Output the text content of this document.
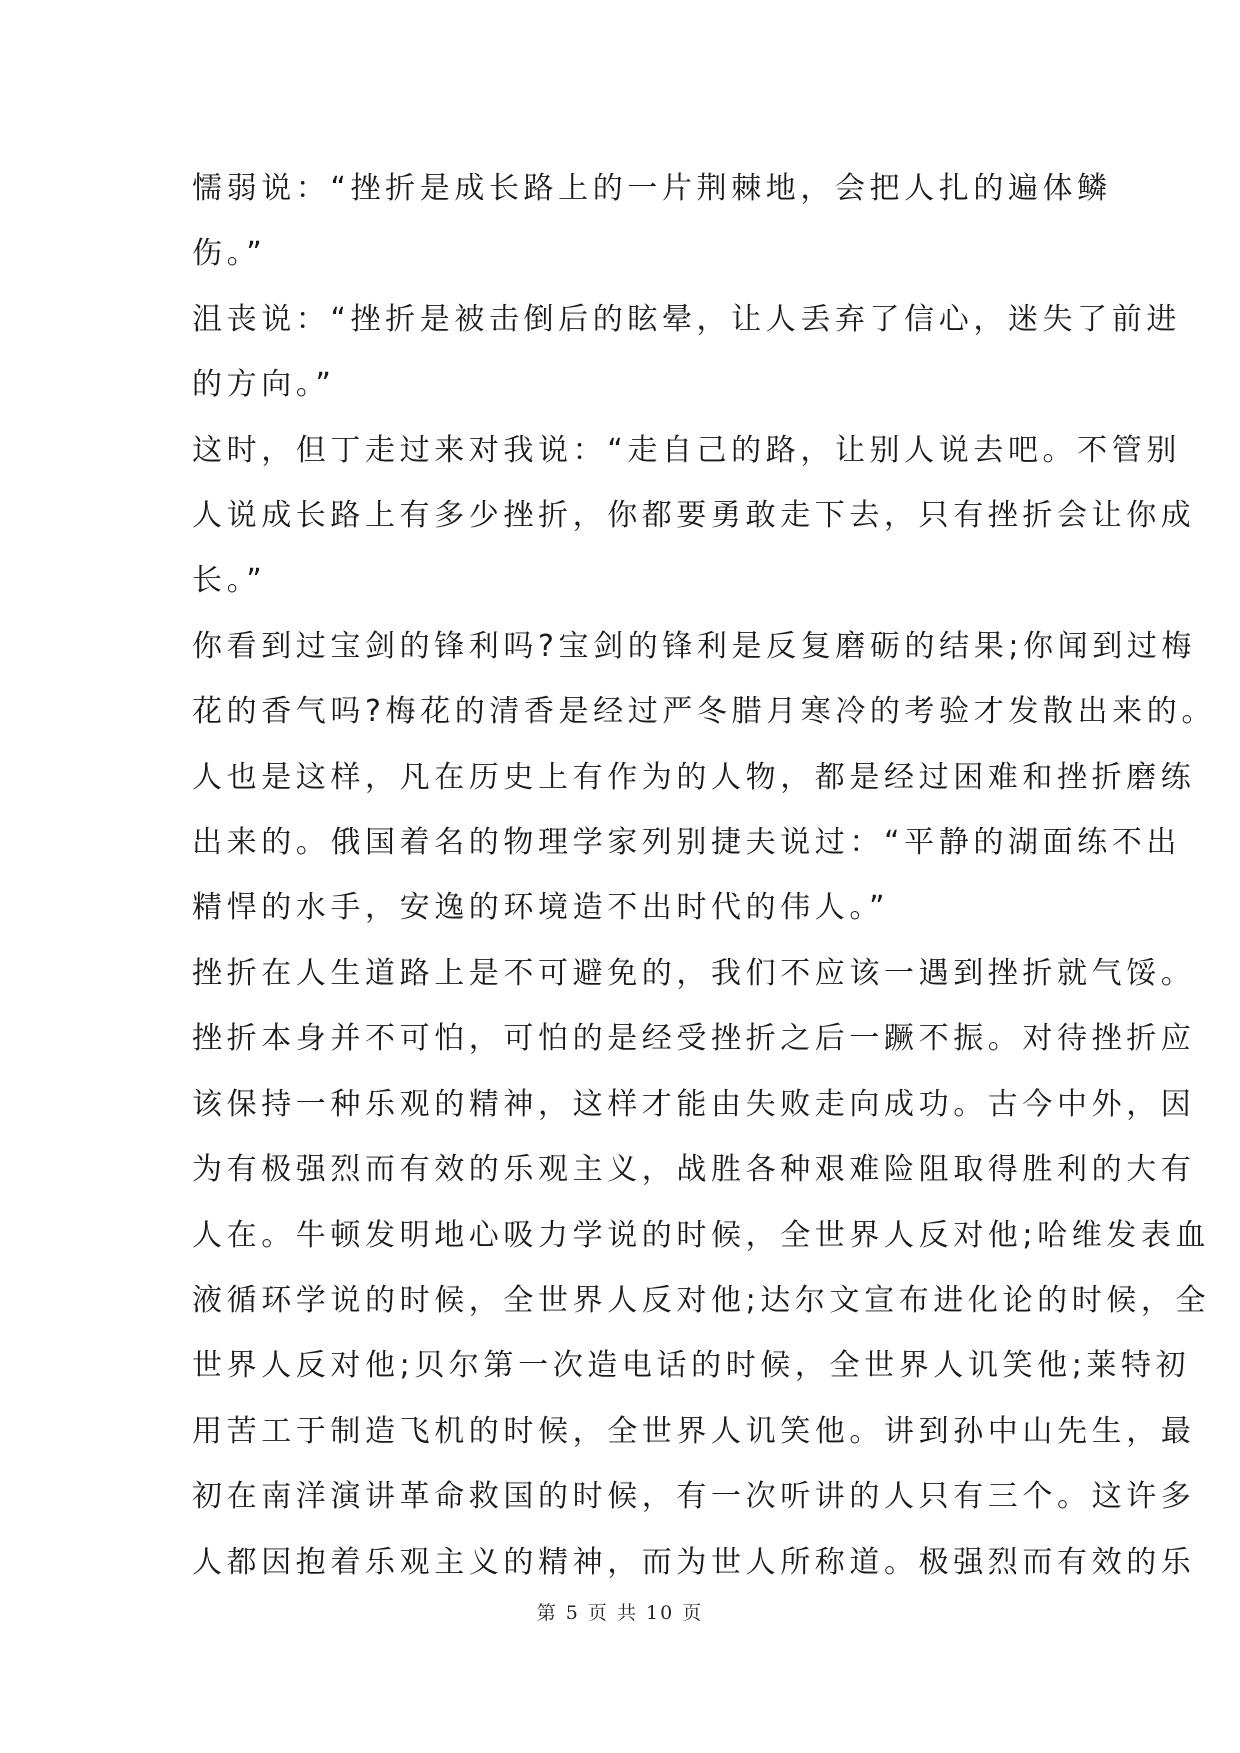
懦弱说：“挫折是成长路上的一片荆棘地，会把人扎的遍体鳞
伤。”

沮丧说：“挫折是被击倒后的眩晕，让人丢弃了信心，迷失了前进
的方向。”

这时，但丁走过来对我说：“走自己的路，让别人说去吧。不管别
人说成长路上有多少挫折，你都要勇敢走下去，只有挫折会让你成
长。”

你看到过宝剑的锋利吗?宝剑的锋利是反复磨砺的结果;你闻到过梅
花的香气吗?梅花的清香是经过严冬腊月寒冷的考验才发散出来的。
人也是这样，凡在历史上有作为的人物，都是经过困难和挫折磨练
出来的。俄国着名的物理学家列别捷夫说过：“平静的湖面练不出
精悍的水手，安逸的环境造不出时代的伟人。”

挫折在人生道路上是不可避免的，我们不应该一遇到挫折就气馁。
挫折本身并不可怕，可怕的是经受挫折之后一蹶不振。对待挫折应
该保持一种乐观的精神，这样才能由失败走向成功。古今中外，因
为有极强烈而有效的乐观主义，战胜各种艰难险阻取得胜利的大有
人在。牛顿发明地心吸力学说的时候，全世界人反对他;哈维发表血
液循环学说的时候，全世界人反对他;达尔文宣布进化论的时候，全
世界人反对他;贝尔第一次造电话的时候，全世界人讥笑他;莱特初
用苦工于制造飞机的时候，全世界人讥笑他。讲到孙中山先生，最
初在南洋演讲革命救国的时候，有一次听讲的人只有三个。这许多
人都因抱着乐观主义的精神，而为世人所称道。极强烈而有效的乐

第 5 页 共 10 页
